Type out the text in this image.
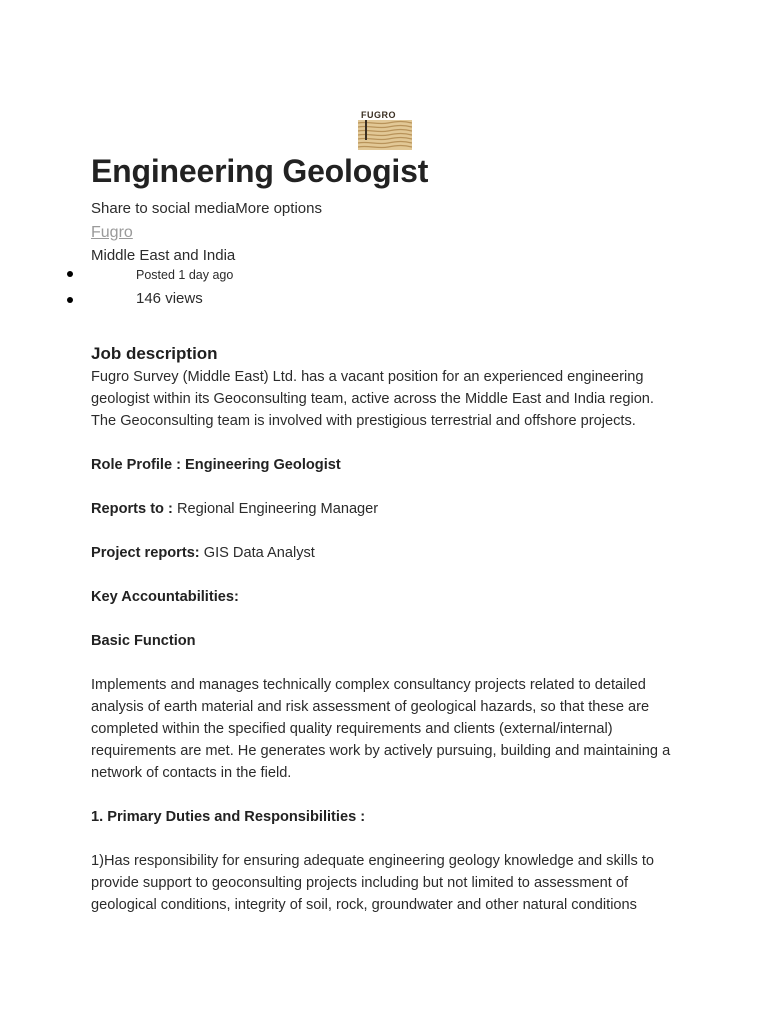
FUGRO
Engineering Geologist
Share to social mediaMore options
Fugro
Middle East and India
Posted 1 day ago
146 views
Job description

Fugro Survey (Middle East) Ltd. has a vacant position for an experienced engineering geologist within its Geoconsulting team, active across the Middle East and India region. The Geoconsulting team is involved with prestigious terrestrial and offshore projects.

Role Profile : Engineering Geologist

Reports to : Regional Engineering Manager

Project reports: GIS Data Analyst

Key Accountabilities:

Basic Function

Implements and manages technically complex consultancy projects related to detailed analysis of earth material and risk assessment of geological hazards, so that these are completed within the specified quality requirements and clients (external/internal) requirements are met. He generates work by actively pursuing, building and maintaining a network of contacts in the field.

1. Primary Duties and Responsibilities :

1)Has responsibility for ensuring adequate engineering geology knowledge and skills to provide support to geoconsulting projects including but not limited to assessment of geological conditions, integrity of soil, rock, groundwater and other natural conditions
